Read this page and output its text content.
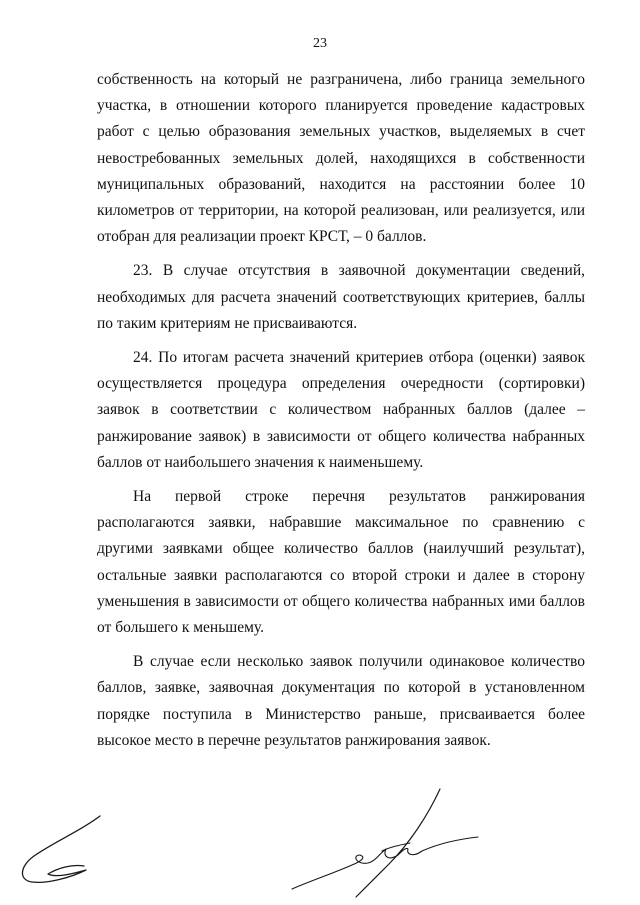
23

собственность на который не разграничена, либо граница земельного участка, в отношении которого планируется проведение кадастровых работ с целью образования земельных участков, выделяемых в счет невостребованных земельных долей, находящихся в собственности муниципальных образований, находится на расстоянии более 10 километров от территории, на которой реализован, или реализуется, или отобран для реализации проект КРСТ, – 0 баллов.

23. В случае отсутствия в заявочной документации сведений, необходимых для расчета значений соответствующих критериев, баллы по таким критериям не присваиваются.

24. По итогам расчета значений критериев отбора (оценки) заявок осуществляется процедура определения очередности (сортировки) заявок в соответствии с количеством набранных баллов (далее – ранжирование заявок) в зависимости от общего количества набранных баллов от наибольшего значения к наименьшему.

На первой строке перечня результатов ранжирования располагаются заявки, набравшие максимальное по сравнению с другими заявками общее количество баллов (наилучший результат), остальные заявки располагаются со второй строки и далее в сторону уменьшения в зависимости от общего количества набранных ими баллов от большего к меньшему.

В случае если несколько заявок получили одинаковое количество баллов, заявке, заявочная документация по которой в установленном порядке поступила в Министерство раньше, присваивается более высокое место в перечне результатов ранжирования заявок.
